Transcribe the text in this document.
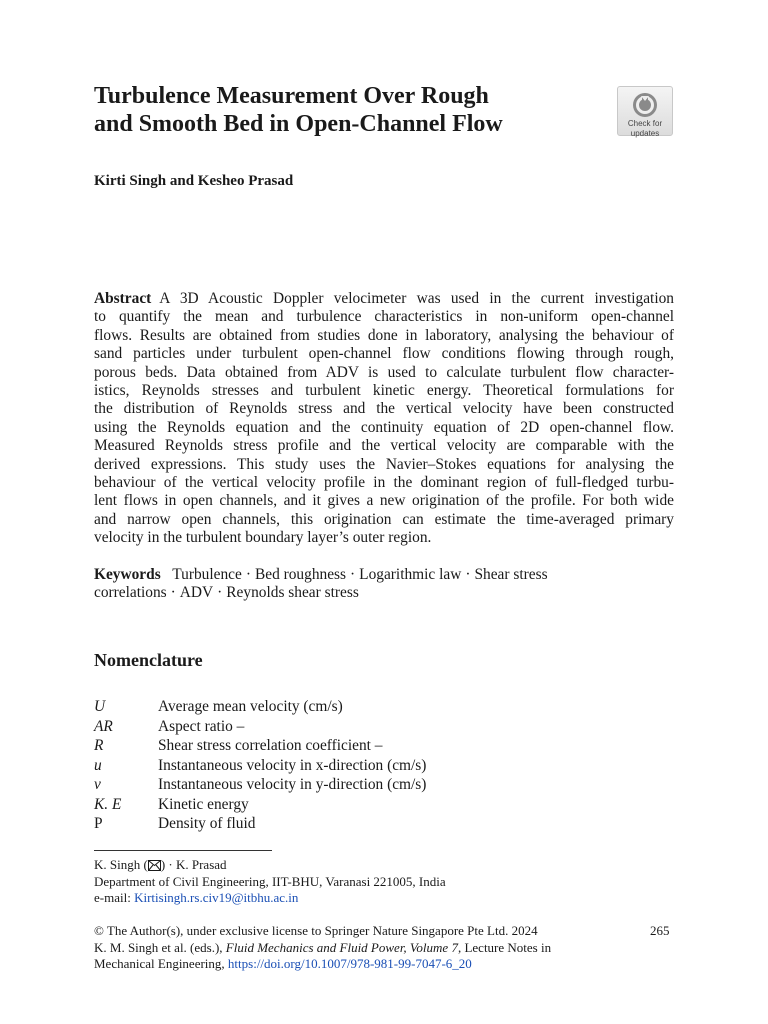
Turbulence Measurement Over Rough
and Smooth Bed in Open-Channel Flow	Check for
updates
Kirti Singh and Kesheo Prasad

Abstract A 3D Acoustic Doppler velocimeter was used in the current investigation
to quantify the mean and turbulence characteristics in non-uniform open-channel
flows. Results are obtained from studies done in laboratory, analysing the behaviour of
sand particles under turbulent open-channel flow conditions flowing through rough,
porous beds. Data obtained from ADV is used to calculate turbulent flow character-
istics, Reynolds stresses and turbulent kinetic energy. Theoretical formulations for
the distribution of Reynolds stress and the vertical velocity have been constructed
using the Reynolds equation and the continuity equation of 2D open-channel flow.
Measured Reynolds stress profile and the vertical velocity are comparable with the
derived expressions. This study uses the Navier–Stokes equations for analysing the
behaviour of the vertical velocity profile in the dominant region of full-fledged turbu-
lent flows in open channels, and it gives a new origination of the profile. For both wide
and narrow open channels, this origination can estimate the time-averaged primary
velocity in the turbulent boundary layer’s outer region.

Keywords Turbulence · Bed roughness · Logarithmic law · Shear stress
correlations · ADV · Reynolds shear stress
Nomenclature
U	Average mean velocity (cm/s)
AR	Aspect ratio –
R	Shear stress correlation coefficient –
u	Instantaneous velocity in x-direction (cm/s)
v	Instantaneous velocity in y-direction (cm/s)
K. E	Kinetic energy
P	Density of fluid
K. Singh ( ) · K. Prasad
Department of Civil Engineering, IIT-BHU, Varanasi 221005, India
e-mail: Kirtisingh.rs.civ19@itbhu.ac.in
© The Author(s), under exclusive license to Springer Nature Singapore Pte Ltd. 2024
K. M. Singh et al. (eds.), Fluid Mechanics and Fluid Power, Volume 7, Lecture Notes in
Mechanical Engineering, https://doi.org/10.1007/978-981-99-7047-6_20
265
